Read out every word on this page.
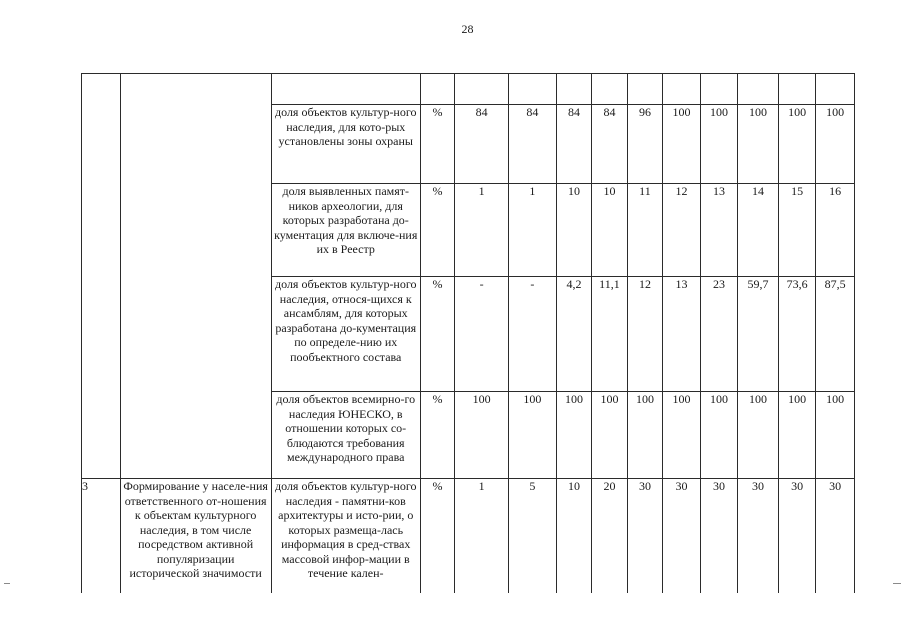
28

		доля объектов культур-ного наследия, для кото-рых установлены зоны охраны	%	84	84	84	84	96	100	100	100	100	100
		доля выявленных памят-ников археологии, для которых разработана до-кументация для включе-ния их в Реестр	%	1	1	10	10	11	12	13	14	15	16
		доля объектов культур-ного наследия, относя-щихся к ансамблям, для которых разработана до-кументация по определе-нию их пообъектного состава	%	-	-	4,2	11,1	12	13	23	59,7	73,6	87,5
		доля объектов всемирно-го наследия ЮНЕСКО, в отношении которых со-блюдаются требования международного права	%	100	100	100	100	100	100	100	100	100	100
3	Формирование у населе-ния ответственного от-ношения к объектам культурного наследия, в том числе посредством активной популяризации исторической значимости	доля объектов культур-ного наследия - памятни-ков архитектуры и исто-рии, о которых размеща-лась информация в сред-ствах массовой инфор-мации в течение кален-	%	1	5	10	20	30	30	30	30	30	30
